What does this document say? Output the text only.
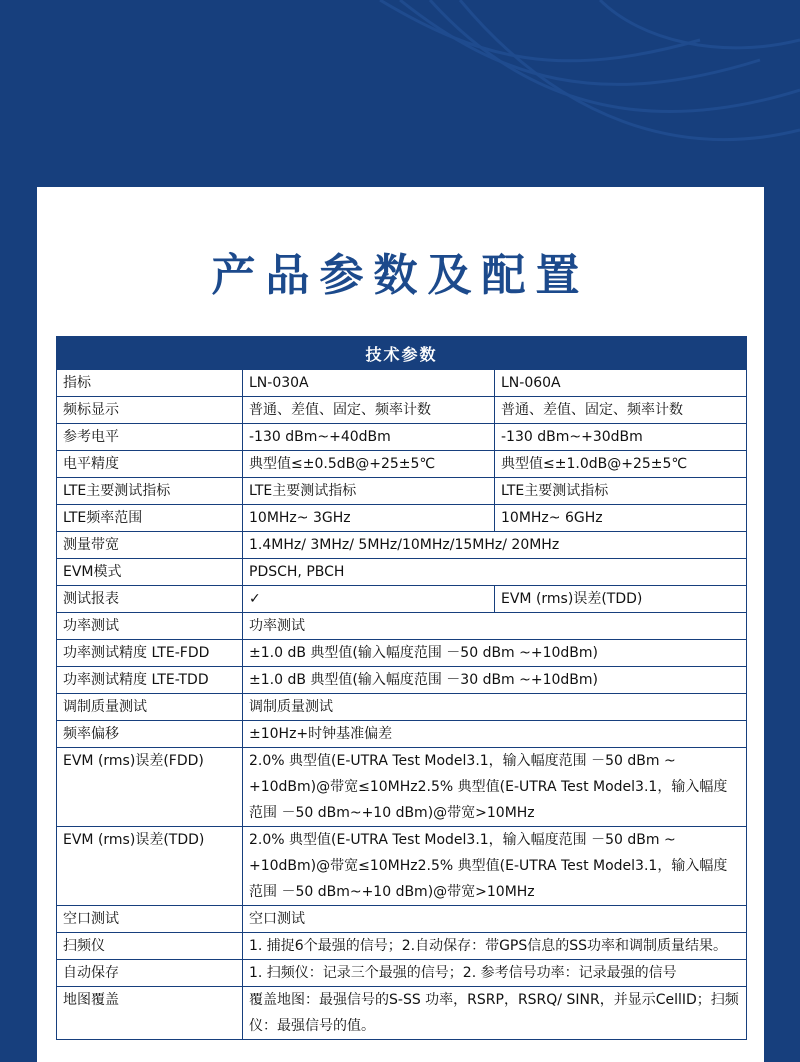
产品参数及配置
技术参数		
指标	LN-030A	LN-060A
频标显示	普通、差值、固定、频率计数	普通、差值、固定、频率计数
参考电平	-130 dBm~+40dBm	-130 dBm~+30dBm
电平精度	典型值≤±0.5dB@+25±5℃	典型值≤±1.0dB@+25±5℃
LTE主要测试指标	LTE主要测试指标	LTE主要测试指标
LTE频率范围	10MHz~ 3GHz	10MHz~ 6GHz
测量带宽	1.4MHz/ 3MHz/ 5MHz/10MHz/15MHz/ 20MHz	
EVM模式	PDSCH, PBCH	
测试报表	✓	EVM (rms)误差(TDD)
功率测试	功率测试	
功率测试精度 LTE-FDD	±1.0 dB 典型值(输入幅度范围 －50 dBm ~+10dBm)	
功率测试精度 LTE-TDD	±1.0 dB 典型值(输入幅度范围 －30 dBm ~+10dBm)	
调制质量测试	调制质量测试	
频率偏移	±10Hz+时钟基准偏差	
EVM (rms)误差(FDD)	2.0% 典型值(E-UTRA Test Model3.1，输入幅度范围 －50 dBm ~ +10dBm)@带宽≤10MHz2.5% 典型值(E-UTRA Test Model3.1，输入幅度范围 －50 dBm~+10 dBm)@带宽>10MHz	
EVM (rms)误差(TDD)	2.0% 典型值(E-UTRA Test Model3.1，输入幅度范围 －50 dBm ~ +10dBm)@带宽≤10MHz2.5% 典型值(E-UTRA Test Model3.1，输入幅度范围 －50 dBm~+10 dBm)@带宽>10MHz	
空口测试	空口测试	
扫频仪	1. 捕捉6个最强的信号；2.自动保存：带GPS信息的SS功率和调制质量结果。	
自动保存	1. 扫频仪：记录三个最强的信号；2. 参考信号功率：记录最强的信号	
地图覆盖	覆盖地图：最强信号的S-SS 功率，RSRP，RSRQ/ SINR，并显示CellID；扫频仪：最强信号的值。	
